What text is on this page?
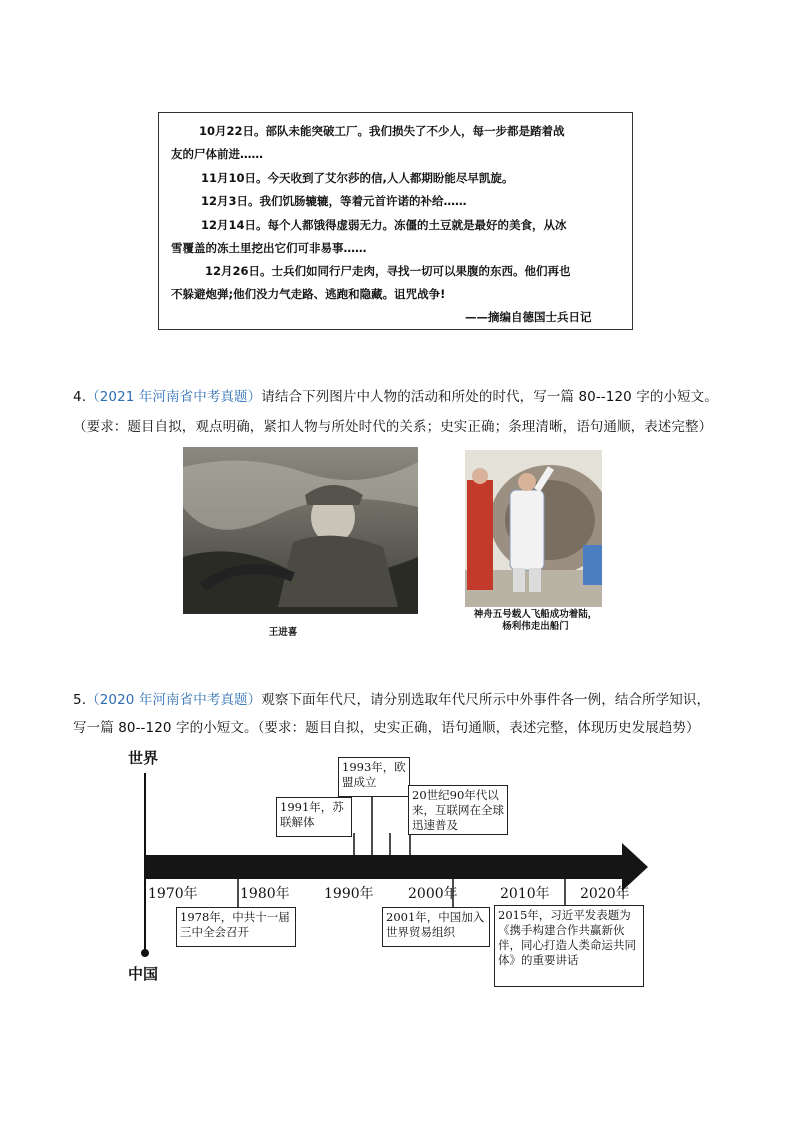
10月22日。部队未能突破工厂。我们损失了不少人，每一步都是踏着战
友的尸体前进……
11月10日。今天收到了艾尔莎的信,人人都期盼能尽早凯旋。
12月3日。我们饥肠辘辘，等着元首许诺的补给……
12月14日。每个人都饿得虚弱无力。冻僵的土豆就是最好的美食，从冰
雪覆盖的冻土里挖出它们可非易事……
12月26日。士兵们如同行尸走肉，寻找一切可以果腹的东西。他们再也
不躲避炮弹;他们没力气走路、逃跑和隐藏。诅咒战争!
——摘编自德国士兵日记
4.（2021 年河南省中考真题）请结合下列图片中人物的活动和所处的时代，写一篇 80--120 字的小短文。
（要求：题目自拟，观点明确，紧扣人物与所处时代的关系；史实正确；条理清晰，语句通顺，表述完整）
王进喜
神舟五号载人飞船成功着陆，
杨利伟走出船门
5.（2020 年河南省中考真题）观察下面年代尺，请分别选取年代尺所示中外事件各一例，结合所学知识，
写一篇 80--120 字的小短文。（要求：题目自拟，史实正确，语句通顺，表述完整，体现历史发展趋势）
世界
中国
1970年	1980年 1990年 2000年	2010年 2020年
1991年，苏联解体
1993年，欧盟成立
20世纪90年代以来，互联网在全球迅速普及
1978年，中共十一届三中全会召开
2001年，中国加入世界贸易组织
2015年，习近平发表题为《携手构建合作共赢新伙伴，同心打造人类命运共同体》的重要讲话
